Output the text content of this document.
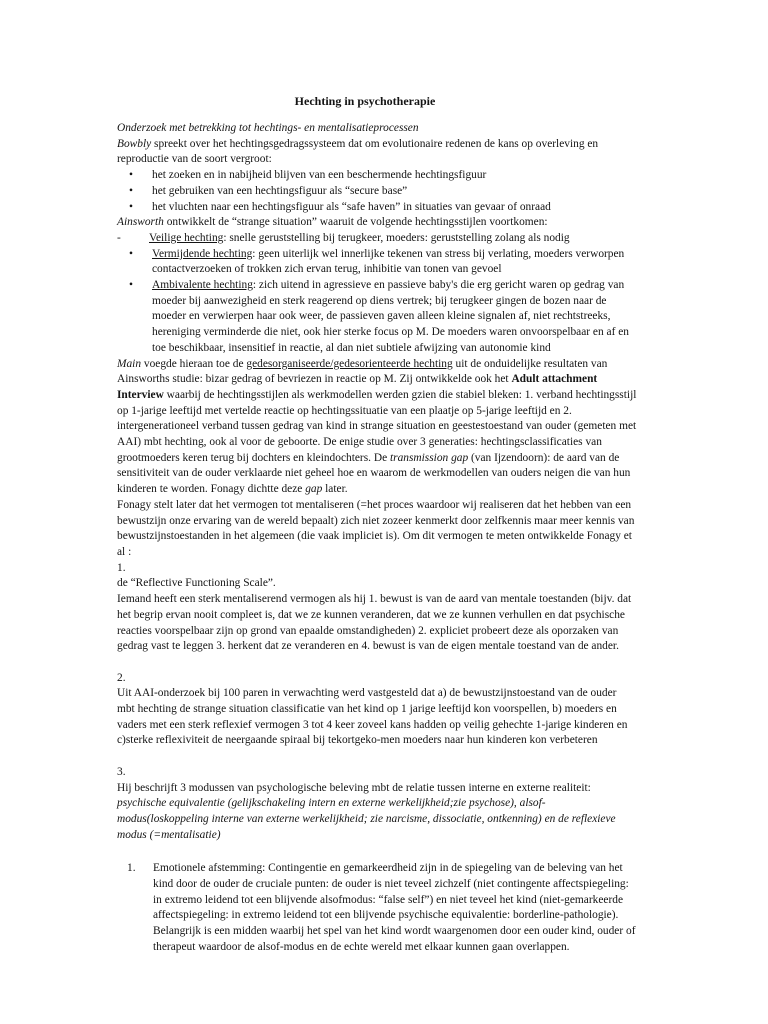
Hechting in psychotherapie

Onderzoek met betrekking tot hechtings- en mentalisatieprocessen

Bowbly spreekt over het hechtingsgedragssysteem dat om evolutionaire redenen de kans op overleving en reproductie van de soort vergroot:

• het zoeken en in nabijheid blijven van een beschermende hechtingsfiguur
• het gebruiken van een hechtingsfiguur als “secure base”
• het vluchten naar een hechtingsfiguur als “safe haven” in situaties van gevaar of onraad

Ainsworth ontwikkelt de “strange situation” waaruit de volgende hechtingsstijlen voortkomen:

- Veilige hechting: snelle geruststelling bij terugkeer, moeders: geruststelling zolang als nodig
• Vermijdende hechting: geen uiterlijk wel innerlijke tekenen van stress bij verlating, moeders verworpen contactverzoeken of trokken zich ervan terug, inhibitie van tonen van gevoel
• Ambivalente hechting: zich uitend in agressieve en passieve baby's die erg gericht waren op gedrag van moeder bij aanwezigheid en sterk reagerend op diens vertrek; bij terugkeer gingen de bozen naar de moeder en verwierpen haar ook weer, de passieven gaven alleen kleine signalen af, niet rechtstreeks, hereniging verminderde die niet, ook hier sterke focus op M. De moeders waren onvoorspelbaar en af en toe beschikbaar, insensitief in reactie, al dan niet subtiele afwijzing van autonomie kind

Main voegde hieraan toe de gedesorganiseerde/gedesorienteerde hechting uit de onduidelijke resultaten van Ainsworths studie: bizar gedrag of bevriezen in reactie op M. Zij ontwikkelde ook het Adult attachment Interview waarbij de hechtingsstijlen als werkmodellen werden gzien die stabiel bleken: 1. verband hechtingsstijl op 1-jarige leeftijd met vertelde reactie op hechtingssituatie van een plaatje op 5-jarige leeftijd en 2. intergenerationeel verband tussen gedrag van kind in strange situation en geestestoestand van ouder (gemeten met AAI) mbt hechting, ook al voor de geboorte. De enige studie over 3 generaties: hechtingsclassificaties van grootmoeders keren terug bij dochters en kleindochters. De transmission gap (van Ijzendoorn): de aard van de sensitiviteit van de ouder verklaarde niet geheel hoe en waarom de werkmodellen van ouders neigen die van hun kinderen te worden. Fonagy dichtte deze gap later.

Fonagy stelt later dat het vermogen tot mentaliseren (=het proces waardoor wij realiseren dat het hebben van een bewustzijn onze ervaring van de wereld bepaalt) zich niet zozeer kenmerkt door zelfkennis maar meer kennis van bewustzijnstoestanden in het algemeen (die vaak impliciet is). Om dit vermogen te meten ontwikkelde Fonagy et al :

1.

de “Reflective Functioning Scale”.

Iemand heeft een sterk mentaliserend vermogen als hij 1. bewust is van de aard van mentale toestanden (bijv. dat het begrip ervan nooit compleet is, dat we ze kunnen veranderen, dat we ze kunnen verhullen en dat psychische reacties voorspelbaar zijn op grond van epaalde omstandigheden) 2. expliciet probeert deze als oporzaken van gedrag vast te leggen 3. herkent dat ze veranderen en 4. bewust is van de eigen mentale toestand van de ander.

2.

Uit AAI-onderzoek bij 100 paren in verwachting werd vastgesteld dat a) de bewustzijnstoestand van de ouder mbt hechting de strange situation classificatie van het kind op 1 jarige leeftijd kon voorspellen, b) moeders en vaders met een sterk reflexief vermogen 3 tot 4 keer zoveel kans hadden op veilig gehechte 1-jarige kinderen en c)sterke reflexiviteit de neergaande spiraal bij tekortgeko-men moeders naar hun kinderen kon verbeteren

3.

Hij beschrijft 3 modussen van psychologische beleving mbt de relatie tussen interne en externe realiteit: psychische equivalentie (gelijkschakeling intern en externe werkelijkheid;zie psychose), alsof-modus(loskoppeling interne van externe werkelijkheid; zie narcisme, dissociatie, ontkenning) en de reflexieve modus (=mentalisatie)

1. Emotionele afstemming: Contingentie en gemarkeerdheid zijn in de spiegeling van de beleving van het kind door de ouder de cruciale punten: de ouder is niet teveel zichzelf (niet contingente affectspiegeling: in extremo leidend tot een blijvende alsofmodus: “false self”) en niet teveel het kind (niet-gemarkeerde affectspiegeling: in extremo leidend tot een blijvende psychische equivalentie: borderline-pathologie). Belangrijk is een midden waarbij het spel van het kind wordt waargenomen door een ouder kind, ouder of therapeut waardoor de alsof-modus en de echte wereld met elkaar kunnen gaan overlappen.
